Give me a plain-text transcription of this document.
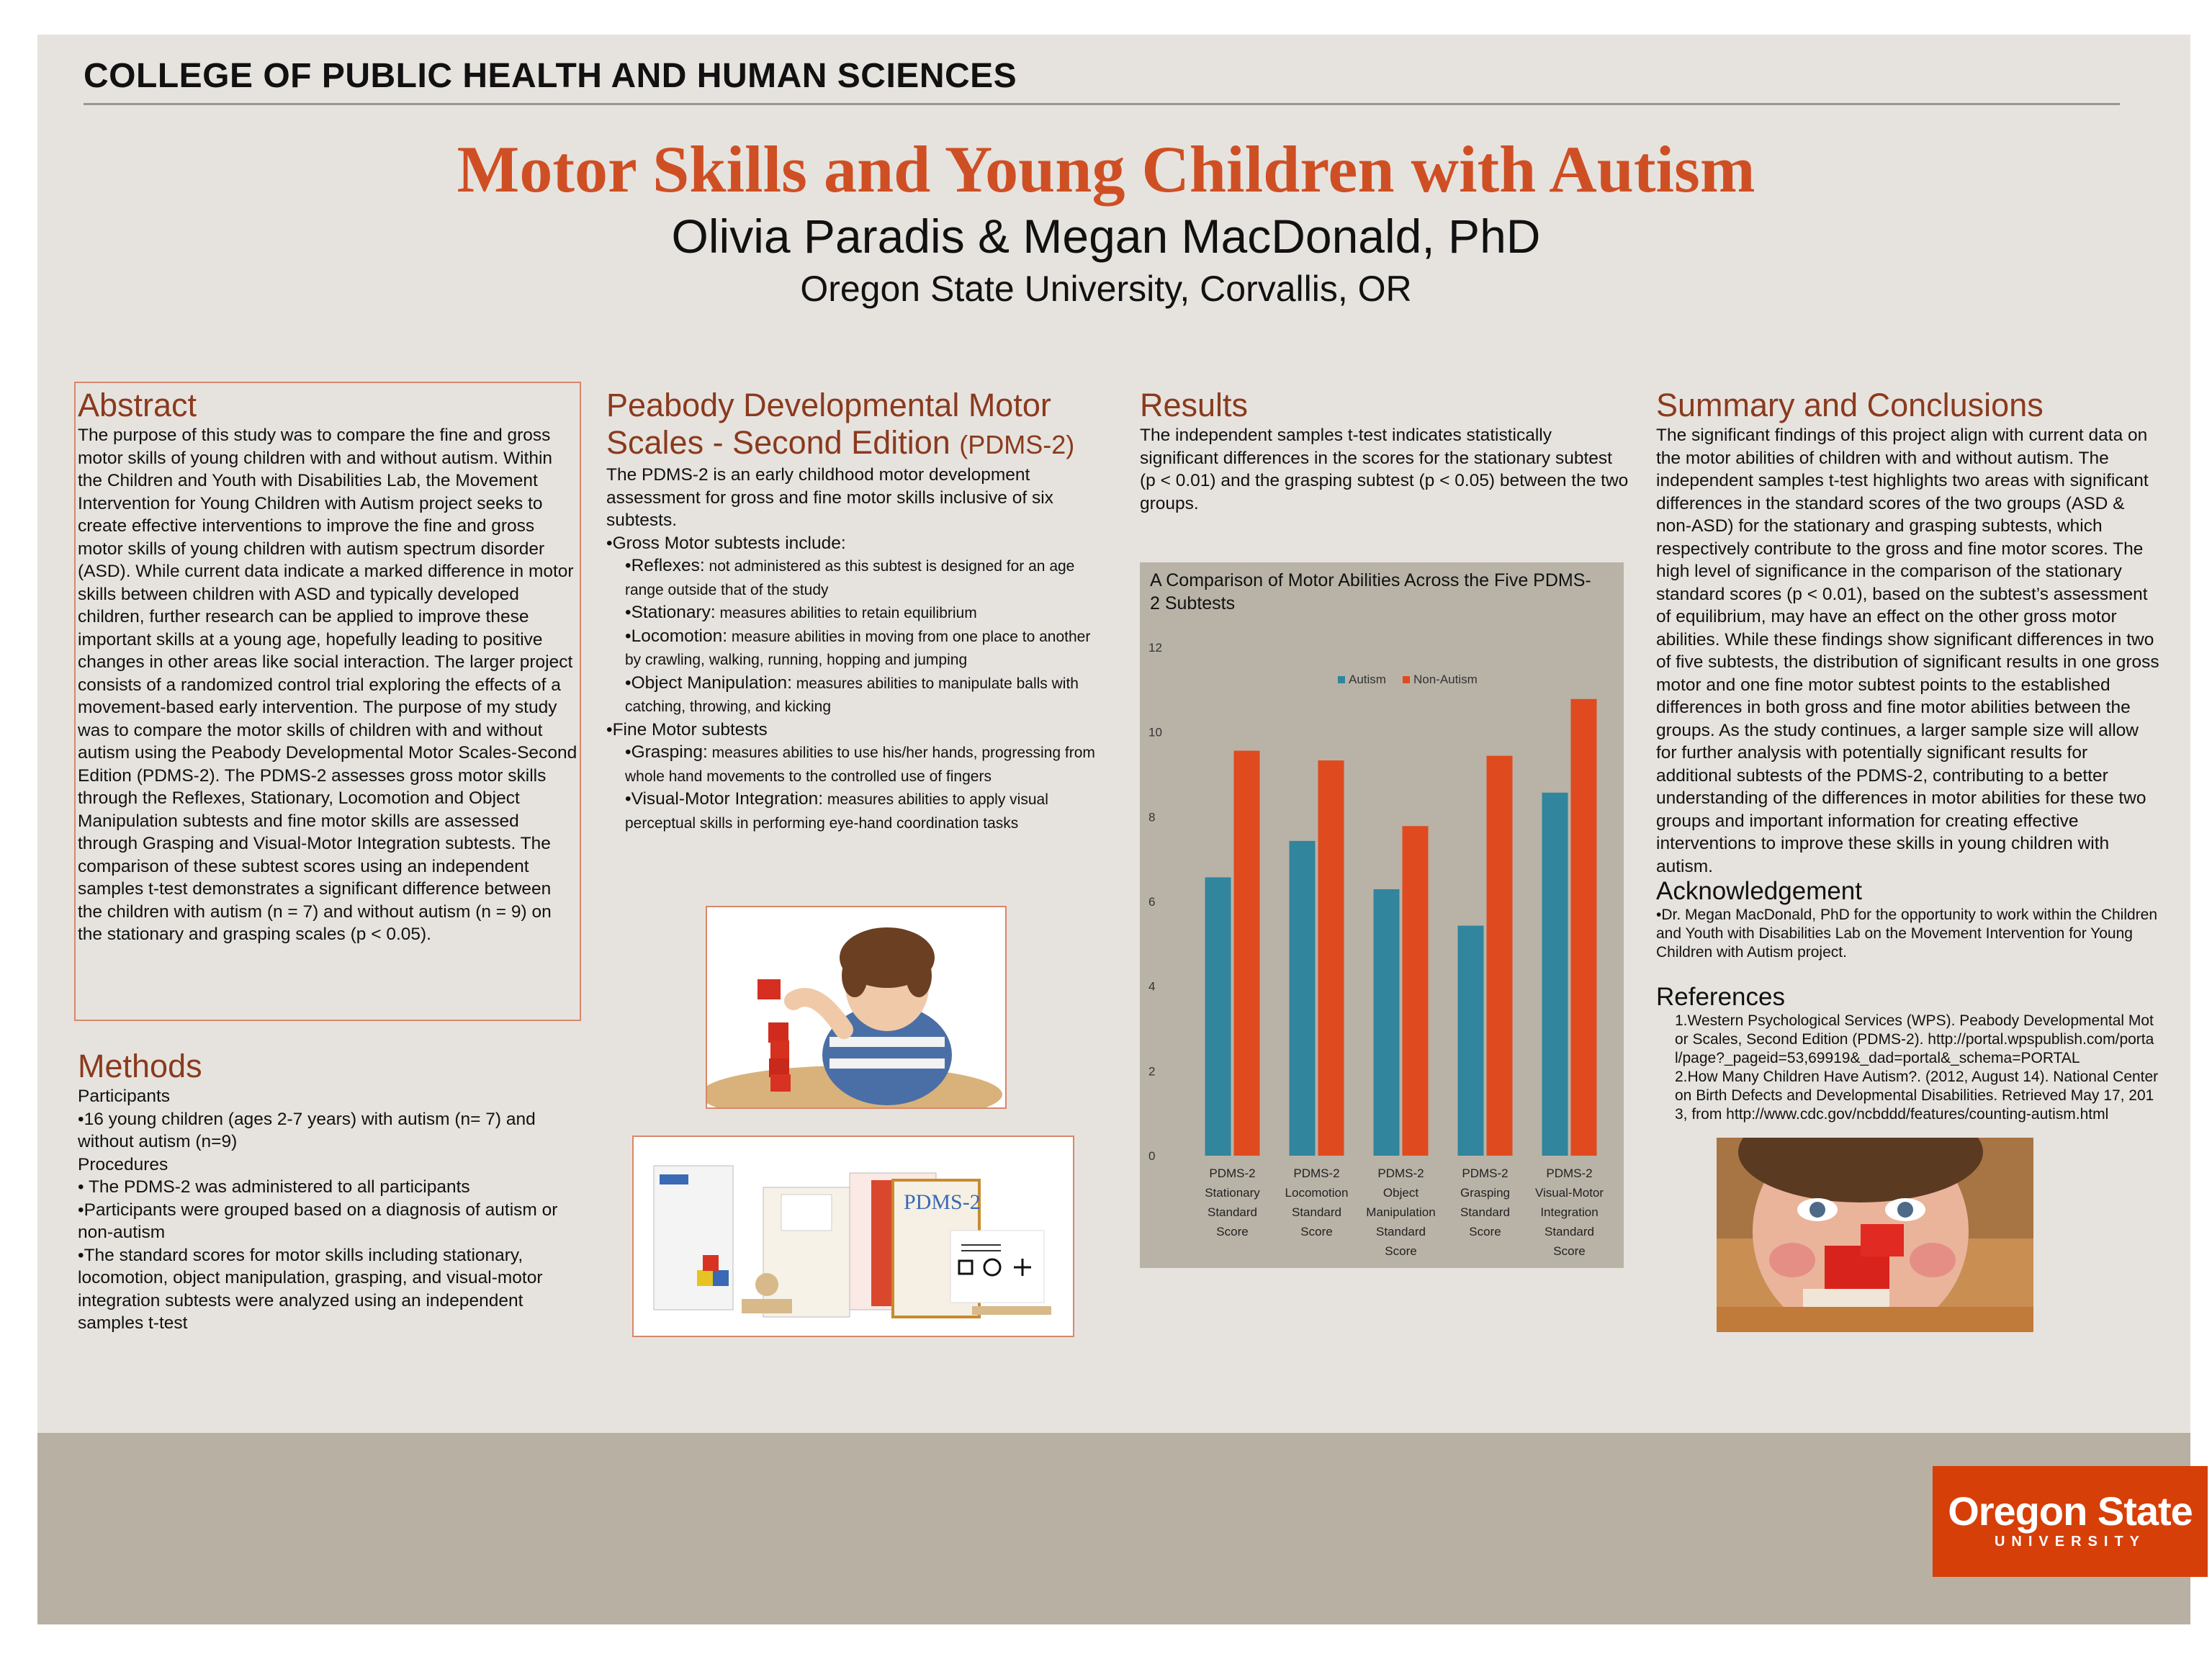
COLLEGE OF PUBLIC HEALTH AND HUMAN SCIENCES
Motor Skills and Young Children with Autism
Olivia Paradis & Megan MacDonald, PhD
Oregon State University, Corvallis, OR
Abstract

The purpose of this study was to compare the fine and gross motor skills of young children with and without autism. Within the Children and Youth with Disabilities Lab, the Movement Intervention for Young Children with Autism project seeks to create effective interventions to improve the fine and gross motor skills of young children with autism spectrum disorder (ASD). While current data indicate a marked difference in motor skills between children with ASD and typically developed children, further research can be applied to improve these important skills at a young age, hopefully leading to positive changes in other areas like social interaction. The larger project consists of a randomized control trial exploring the effects of a movement-based early intervention. The purpose of my study was to compare the motor skills of children with and without autism using the Peabody Developmental Motor Scales-Second Edition (PDMS-2). The PDMS-2 assesses gross motor skills through the Reflexes, Stationary, Locomotion and Object Manipulation subtests and fine motor skills are assessed through Grasping and Visual-Motor Integration subtests. The comparison of these subtest scores using an independent samples t-test demonstrates a significant difference between the children with autism (n = 7) and without autism (n = 9) on the stationary and grasping scales (p < 0.05).

Methods

Participants

•16 young children (ages 2-7 years) with autism (n= 7) and without autism (n=9)

Procedures

• The PDMS-2 was administered to all participants

•Participants were grouped based on a diagnosis of autism or non-autism

•The standard scores for motor skills including stationary, locomotion, object manipulation, grasping, and visual-motor integration subtests were analyzed using an independent samples t-test

Peabody Developmental Motor Scales - Second Edition (PDMS-2)

The PDMS-2 is an early childhood motor development assessment for gross and fine motor skills inclusive of six subtests.

•Gross Motor subtests include:

•Reflexes: not administered as this subtest is designed for an age range outside that of the study

•Stationary: measures abilities to retain equilibrium

•Locomotion: measure abilities in moving from one place to another by crawling, walking, running, hopping and jumping

•Object Manipulation: measures abilities to manipulate balls with catching, throwing, and kicking

•Fine Motor subtests

•Grasping: measures abilities to use his/her hands, progressing from whole hand movements to the controlled use of fingers

•Visual-Motor Integration: measures abilities to apply visual perceptual skills in performing eye-hand coordination tasks

PDMS-2
Results

The independent samples t-test indicates statistically significant differences in the scores for the stationary subtest (p < 0.01) and the grasping subtest (p < 0.05) between the two groups.

A Comparison of Motor Abilities Across the Five PDMS-2 Subtests
0
2
4
6
8
10
12
Autism Non-Autism
PDMS-2 Stationary Standard Score
PDMS-2 Locomotion Standard Score
PDMS-2 Object Manipulation Standard Score
PDMS-2 Grasping Standard Score
PDMS-2 Visual-Motor Integration Standard Score
Summary and Conclusions

The significant findings of this project align with current data on the motor abilities of children with and without autism. The independent samples t-test highlights two areas with significant differences in the standard scores of the two groups (ASD & non-ASD) for the stationary and grasping subtests, which respectively contribute to the gross and fine motor scores. The high level of significance in the comparison of the stationary standard scores (p < 0.01), based on the subtest’s assessment of equilibrium, may have an effect on the other gross motor abilities. While these findings show significant differences in two of five subtests, the distribution of significant results in one gross motor and one fine motor subtest points to the established differences in both gross and fine motor abilities between the groups. As the study continues, a larger sample size will allow for further analysis with potentially significant results for additional subtests of the PDMS-2, contributing to a better understanding of the differences in motor abilities for these two groups and important information for creating effective interventions to improve these skills in young children with autism.

Acknowledgement

•Dr. Megan MacDonald, PhD for the opportunity to work within the Children and Youth with Disabilities Lab on the Movement Intervention for Young Children with Autism project.

References

1.Western Psychological Services (WPS). Peabody Developmental Motor Scales, Second Edition (PDMS-2). http://portal.wpspublish.com/portal/page?_pageid=53,69919&_dad=portal&_schema=PORTAL

2.How Many Children Have Autism?. (2012, August 14). National Center on Birth Defects and Developmental Disabilities. Retrieved May 17, 2013, from http://www.cdc.gov/ncbddd/features/counting-autism.html

Oregon State
UNIVERSITY
